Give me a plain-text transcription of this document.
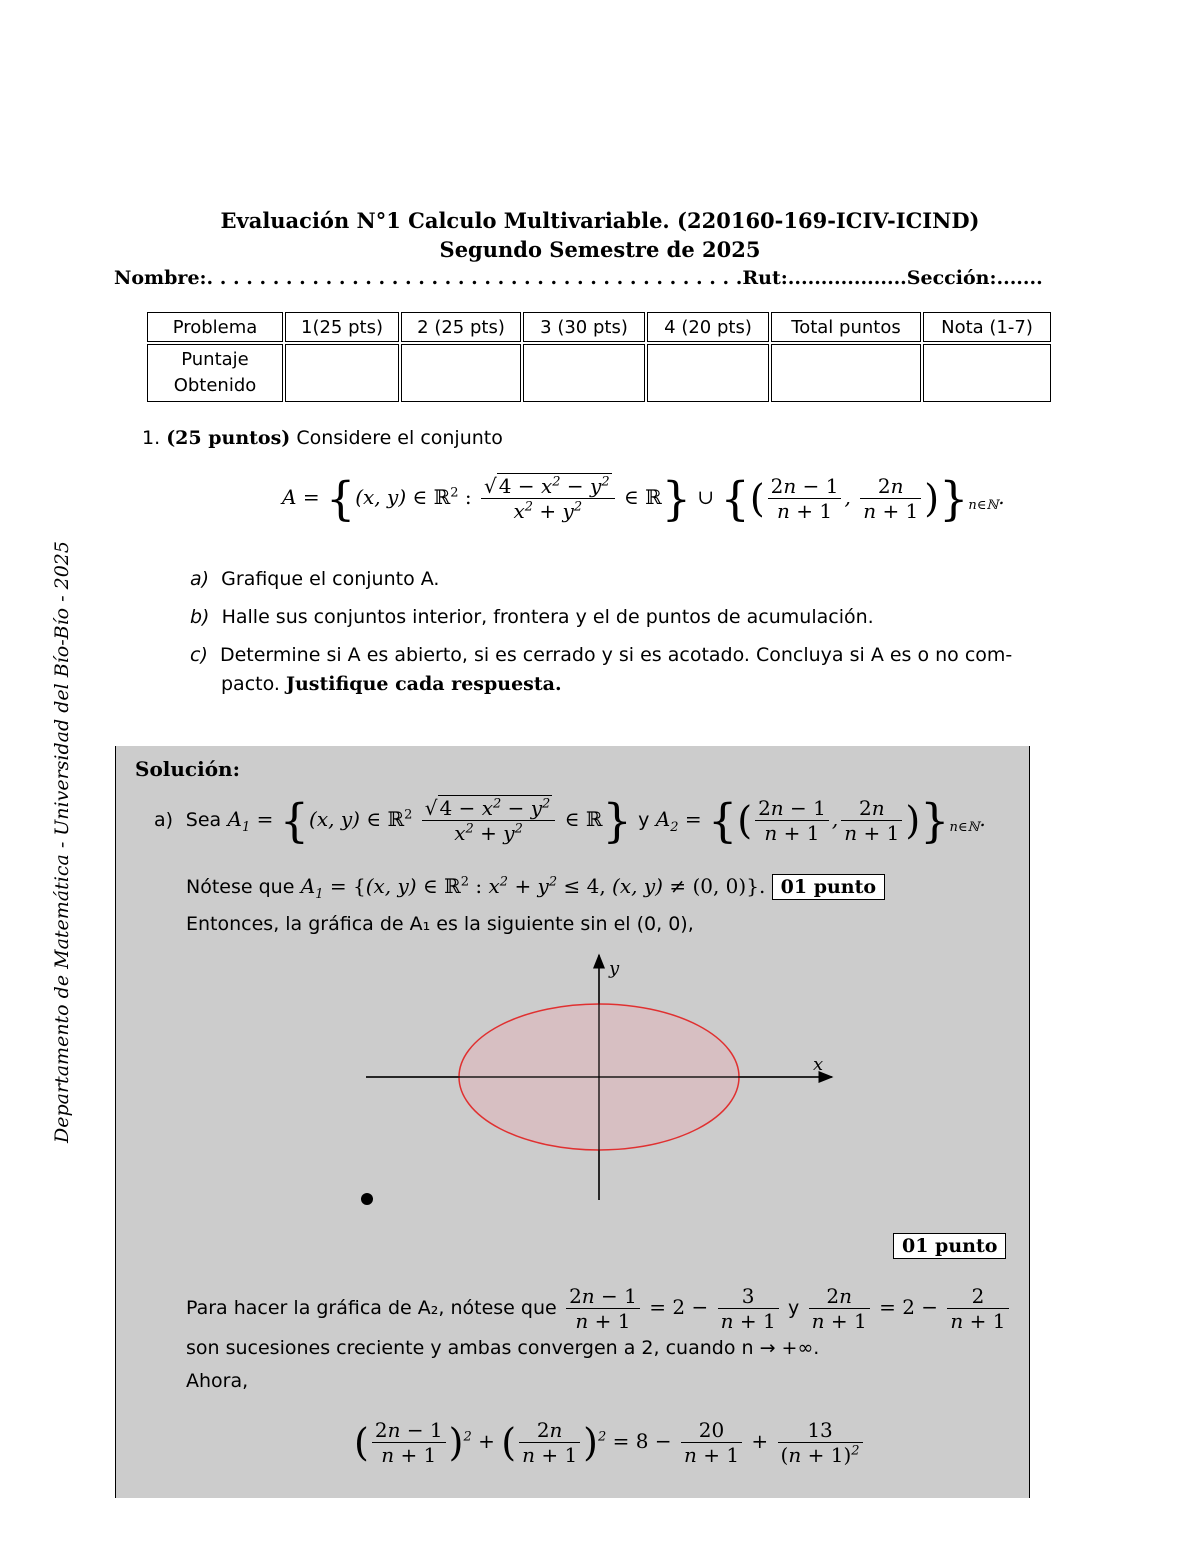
Departamento de Matemática - Universidad del Bío-Bío - 2025
Evaluación N°1 Calculo Multivariable. (220160-169-ICIV-ICIND)
Segundo Semestre de 2025
Nombre:. . . . . . . . . . . . . . . . . . . . . . . . . . . . . . . . . . . . . . . . .Rut:..................Sección:.......
Problema	1(25 pts)	2 (25 pts)	3 (30 pts)	4 (20 pts)	Total puntos	Nota (1-7)
Puntaje
Obtenido						
1. (25 puntos) Considere el conjunto
A = {(x, y) ∈ ℝ$^2$ : $\frac{√ 4 - x^2 - y^2}{x^2 + y^2}$ ∈ ℝ} ∪ {( $\frac{2n - 1}{n + 1}$ , $\frac{2n}{n + 1} )\}_{n\in ℕ}$.
a) Grafique el conjunto A.
b) Halle sus conjuntos interior, frontera y el de puntos de acumulación.
c) Determine si A es abierto, si es cerrado y si es acotado. Concluya si A es o no com-
pacto. Justifique cada respuesta.
Solución:
a) Sea $A_1 = \{(x$, y) ∈ ℝ$^2$ $\frac{√ 4 - x^2 - y^2}{x^2 + y^2}$ ∈ ℝ} y $A_2$ = {( $\frac{2n - 1}{n + 1}$ , $\frac{2n}{n + 1} )\}_{n\in ℕ}$.
Nótese que $A_1 = \{(x$, y) ∈ ℝ$^2$ : $x^2 + y^2 \le 4$, (x, y) ≠ (0, 0)}. 01 punto
Entonces, la gráfica de A₁ es la siguiente sin el (0, 0),
x
y
01 punto
Para hacer la gráfica de A₂, nótese que $\frac{2n - 1}{n + 1} = 2 - \frac{3}{n + 1}$ y $\frac{2n}{n + 1} = 2 - \frac{2}{n + 1}$
son sucesiones creciente y ambas convergen a 2, cuando n → +∞.
Ahora,
( $\frac{2n - 1}{n + 1} )^2$ + ( $\frac{2n}{n + 1} )^2 = 8 - \frac{20}{n + 1} + \frac{13}{(n + 1)^2}$
